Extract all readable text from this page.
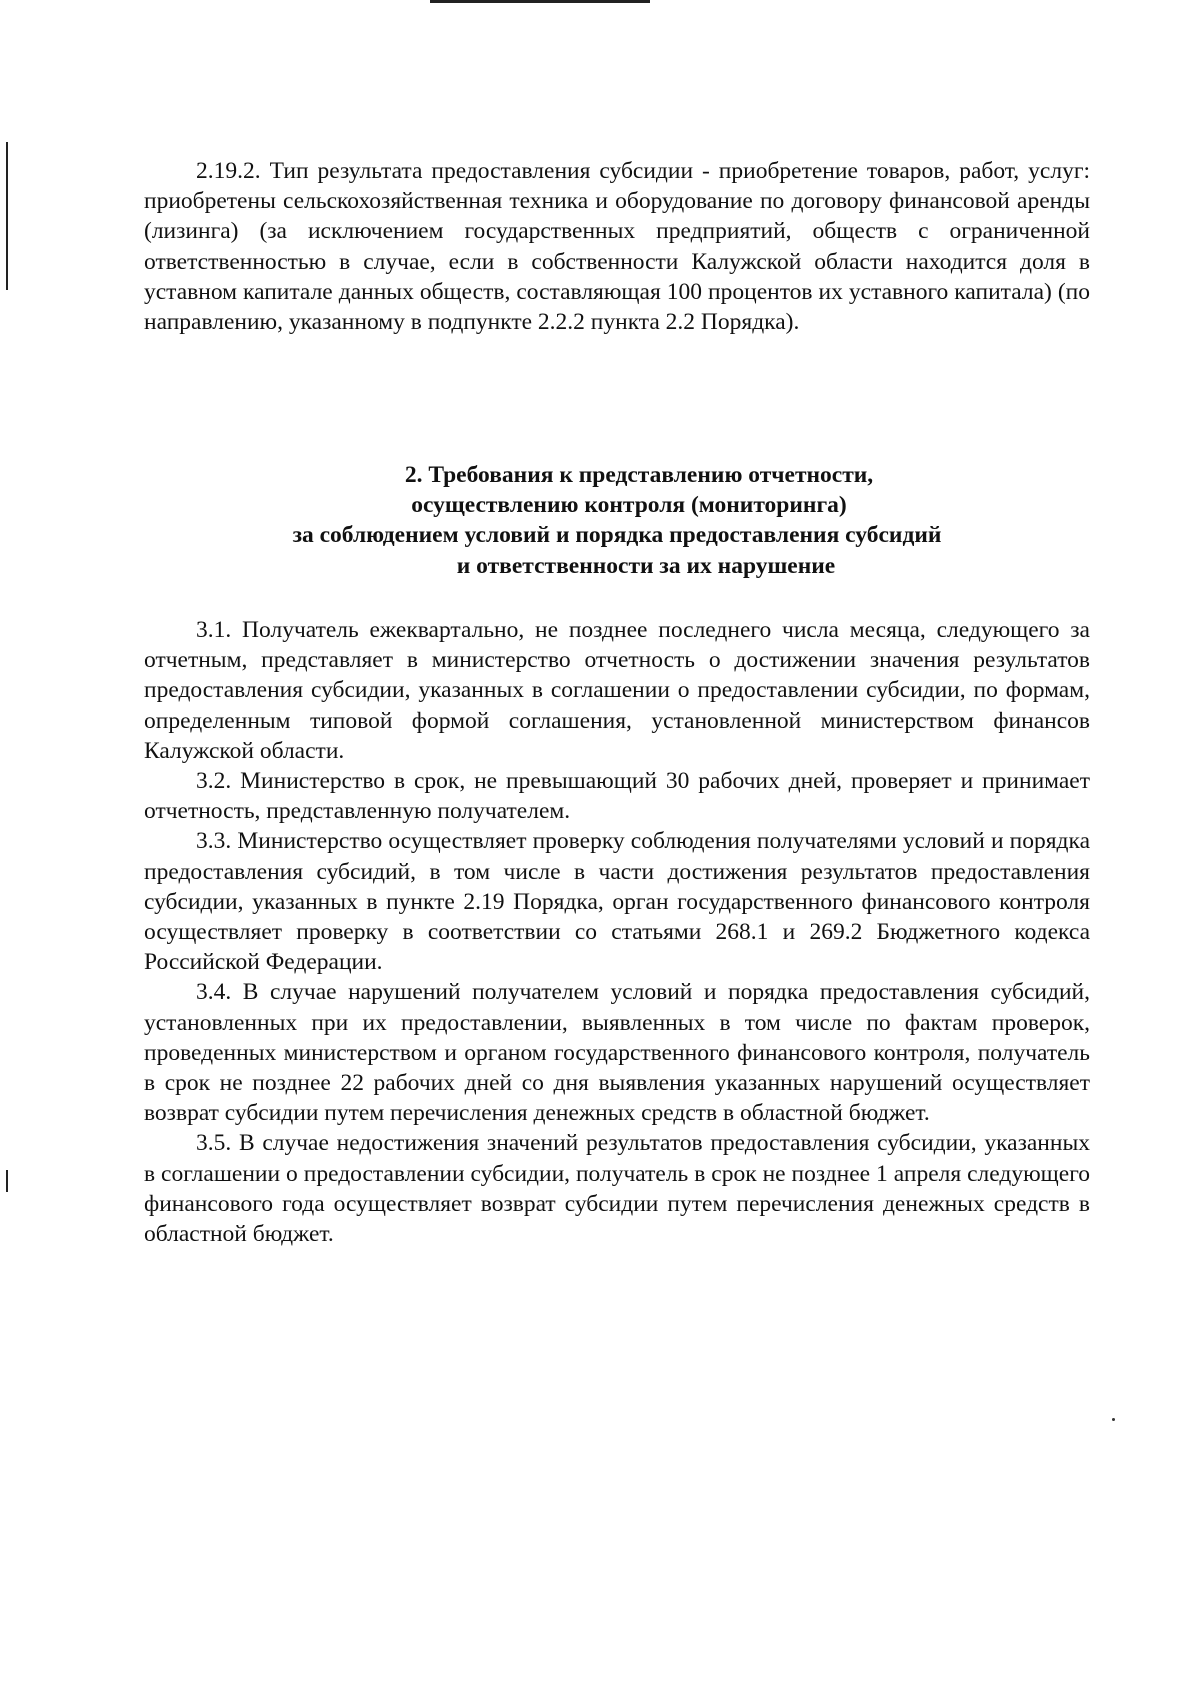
2.19.2. Тип результата предоставления субсидии - приобретение товаров, работ, услуг: приобретены сельскохозяйственная техника и оборудование по договору финансовой аренды (лизинга) (за исключением государственных предприятий, обществ с ограниченной ответственностью в случае, если в собственности Калужской области находится доля в уставном капитале данных обществ, составляющая 100 процентов их уставного капитала) (по направлению, указанному в подпункте 2.2.2 пункта 2.2 Порядка).

2. Требования к представлению отчетности,
осуществлению контроля (мониторинга)
за соблюдением условий и порядка предоставления субсидий
и ответственности за их нарушение

3.1. Получатель ежеквартально, не позднее последнего числа месяца, следующего за отчетным, представляет в министерство отчетность о достижении значения результатов предоставления субсидии, указанных в соглашении о предоставлении субсидии, по формам, определенным типовой формой соглашения, установленной министерством финансов Калужской области.

3.2. Министерство в срок, не превышающий 30 рабочих дней, проверяет и принимает отчетность, представленную получателем.

3.3. Министерство осуществляет проверку соблюдения получателями условий и порядка предоставления субсидий, в том числе в части достижения результатов предоставления субсидии, указанных в пункте 2.19 Порядка, орган государственного финансового контроля осуществляет проверку в соответствии со статьями 268.1 и 269.2 Бюджетного кодекса Российской Федерации.

3.4. В случае нарушений получателем условий и порядка предоставления субсидий, установленных при их предоставлении, выявленных в том числе по фактам проверок, проведенных министерством и органом государственного финансового контроля, получатель в срок не позднее 22 рабочих дней со дня выявления указанных нарушений осуществляет возврат субсидии путем перечисления денежных средств в областной бюджет.

3.5. В случае недостижения значений результатов предоставления субсидии, указанных в соглашении о предоставлении субсидии, получатель в срок не позднее 1 апреля следующего финансового года осуществляет возврат субсидии путем перечисления денежных средств в областной бюджет.
